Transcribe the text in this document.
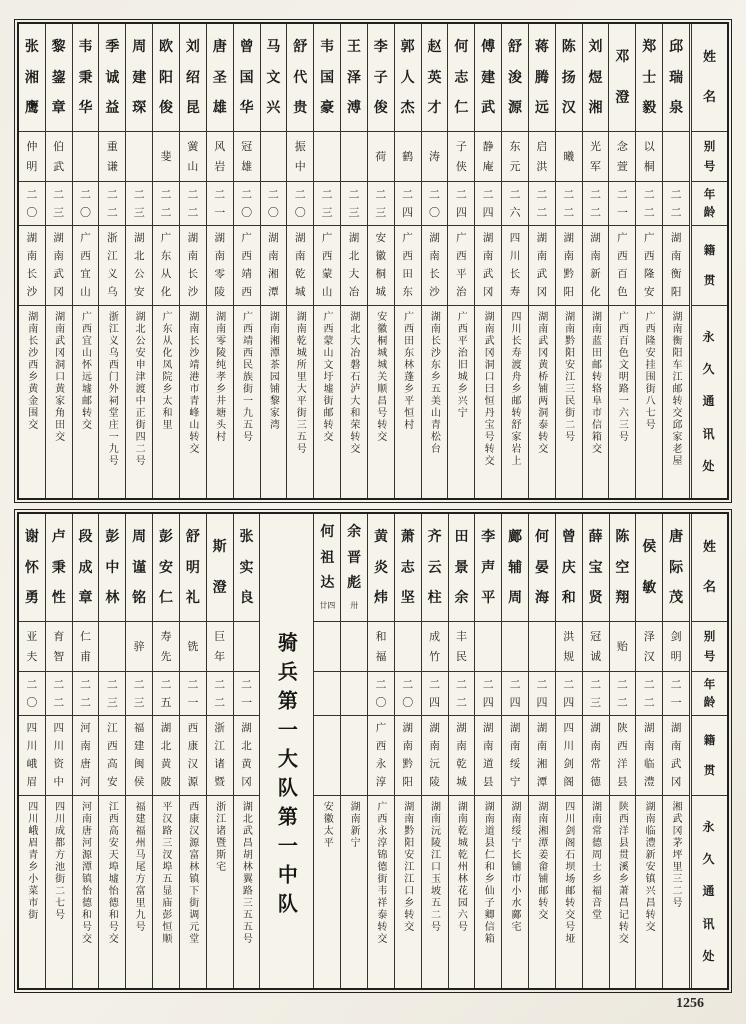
姓
名
别
号
年
龄
籍
贯
永
久
通
讯
处
邱
瑞
泉
二
二
湖
南
衡
阳
湖南衡阳车江邮转交邱家老屋
郑
士
毅
以
桐
二
二
广
西
隆
安
广西隆安挂围街八七号
邓
澄
念
萱
二
一
广
西
百
色
广西百色文明路一六三号
刘
煜
湘
光
军
二
二
湖
南
新
化
湖南蓝田邮转辂阜市信箱交
陈
扬
汉
曦
二
二
湖
南
黔
阳
湖南黔阳安江三民街二号
蒋
腾
远
启
洪
二
二
湖
南
武
冈
湖南武冈黄桥铺两洞泰转交
舒
浚
源
东
元
二
六
四
川
长
寿
四川长寿渡舟乡邮转舒家岩上
傅
建
武
静
庵
二
四
湖
南
武
冈
湖南武冈洞口曰恒丹宝号转交
何
志
仁
子
侠
二
四
广
西
平
治
广西平治旧城乡兴宁
赵
英
才
涛
二
〇
湖
南
长
沙
湖南长沙东乡五美山青松台
郭
人
杰
鹤
二
四
广
西
田
东
广西田东林蓬乡平恒村
李
子
俊
荷
二
三
安
徽
桐
城
安徽桐城城关顺昌号转交
王
泽
溥
二
三
湖
北
大
冶
湖北大冶磐石泸大和荣转交
韦
国
豪
二
三
广
西
蒙
山
广西蒙山文圩墟街邮转交
舒
代
贵
振
中
二
〇
湖
南
乾
城
湖南乾城所里大平街三五号
马
文
兴
二
〇
湖
南
湘
潭
湖南湘潭茶园铺黎家湾
曾
国
华
冠
雄
二
〇
广
西
靖
西
广西靖西民族街一九五号
唐
圣
雄
风
岩
二
一
湖
南
零
陵
湖南零陵纯孝乡井塘头村
刘
绍
昆
黉
山
二
二
湖
南
长
沙
湖南长沙靖港市青峰山转交
欧
阳
俊
斐
二
二
广
东
从
化
广东从化凤院乡太和里
周
建
琛
二
三
湖
北
公
安
湖北公安申津渡中正街四二号
季
诚
益
重
谦
二
二
浙
江
义
乌
浙江义乌西门外祠堂庄一九号
韦
秉
华
二
〇
广
西
宜
山
广西宜山怀远墟邮转交
黎
鋆
章
伯
武
二
三
湖
南
武
冈
湖南武冈洞口黄家角田交
张
湘
鹰
仲
明
二
〇
湖
南
长
沙
湖南长沙西乡黄金围交
姓
名
别
号
年
龄
籍
贯
永
久
通
讯
处
唐
际
茂
剑
明
二
一
湖
南
武
冈
湘武冈茅坪里三二号
侯
敏
泽
汉
二
二
湖
南
临
澧
湖南临澧新安镇兴昌转交
陈
空
翔
贻
二
二
陕
西
洋
县
陕西洋县贯溪乡萧昌记转交
薛
宝
贤
冠
诚
二
三
湖
南
常
德
湖南常德周士乡福音堂
曾
庆
和
洪
规
二
四
四
川
剑
阁
四川剑阁石坝场邮转交号垭
何
晏
海
二
四
湖
南
湘
潭
湖南湘潭姜畲铺邮转交
鄺
辅
周
二
四
湖
南
绥
宁
湖南绥宁长铺市小水鄺宅
李
声
平
二
四
湖
南
道
县
湖南道县仁和乡仙子卿信箱
田
景
余
丰
民
二
二
湖
南
乾
城
湖南乾城乾州林花园六号
齐
云
柱
成
竹
二
四
湖
南
沅
陵
湖南沅陵江口玉坡五二号
萧
志
坚
二
〇
湖
南
黔
阳
湖南黔阳安江江口乡转交
黄
炎
炜
和
福
二
〇
广
西
永
淳
广西永淳锦德街韦祥泰转交
余
晋
彪
卅
湖南新宁
何
祖
达
廿四
安徽太平
骑兵第一大队第一中队
张
实
良
二
一
湖
北
黄
冈
湖北武昌胡林翼路三五五号
斯
澄
巨
年
二
二
浙
江
诸
暨
浙江诸暨斯宅
舒
明
礼
铣
二
一
西
康
汉
源
西康汉源富林镇下街调元堂
彭
安
仁
寿
先
二
五
湖
北
黄
陂
平汉路三汊埠五显庙彭恒顺
周
谨
铭
骍
二
三
福
建
闽
侯
福建福州马尾方富里九号
彭
中
林
二
三
江
西
高
安
江西高安天埠墟怡德和号交
段
成
章
仁
甫
二
二
河
南
唐
河
河南唐河源潭镇怡德和号交
卢
秉
性
育
智
二
二
四
川
资
中
四川成都方池街二七号
谢
怀
勇
亚
夫
二
〇
四
川
峨
眉
四川峨眉青乡小菜市街
1256
